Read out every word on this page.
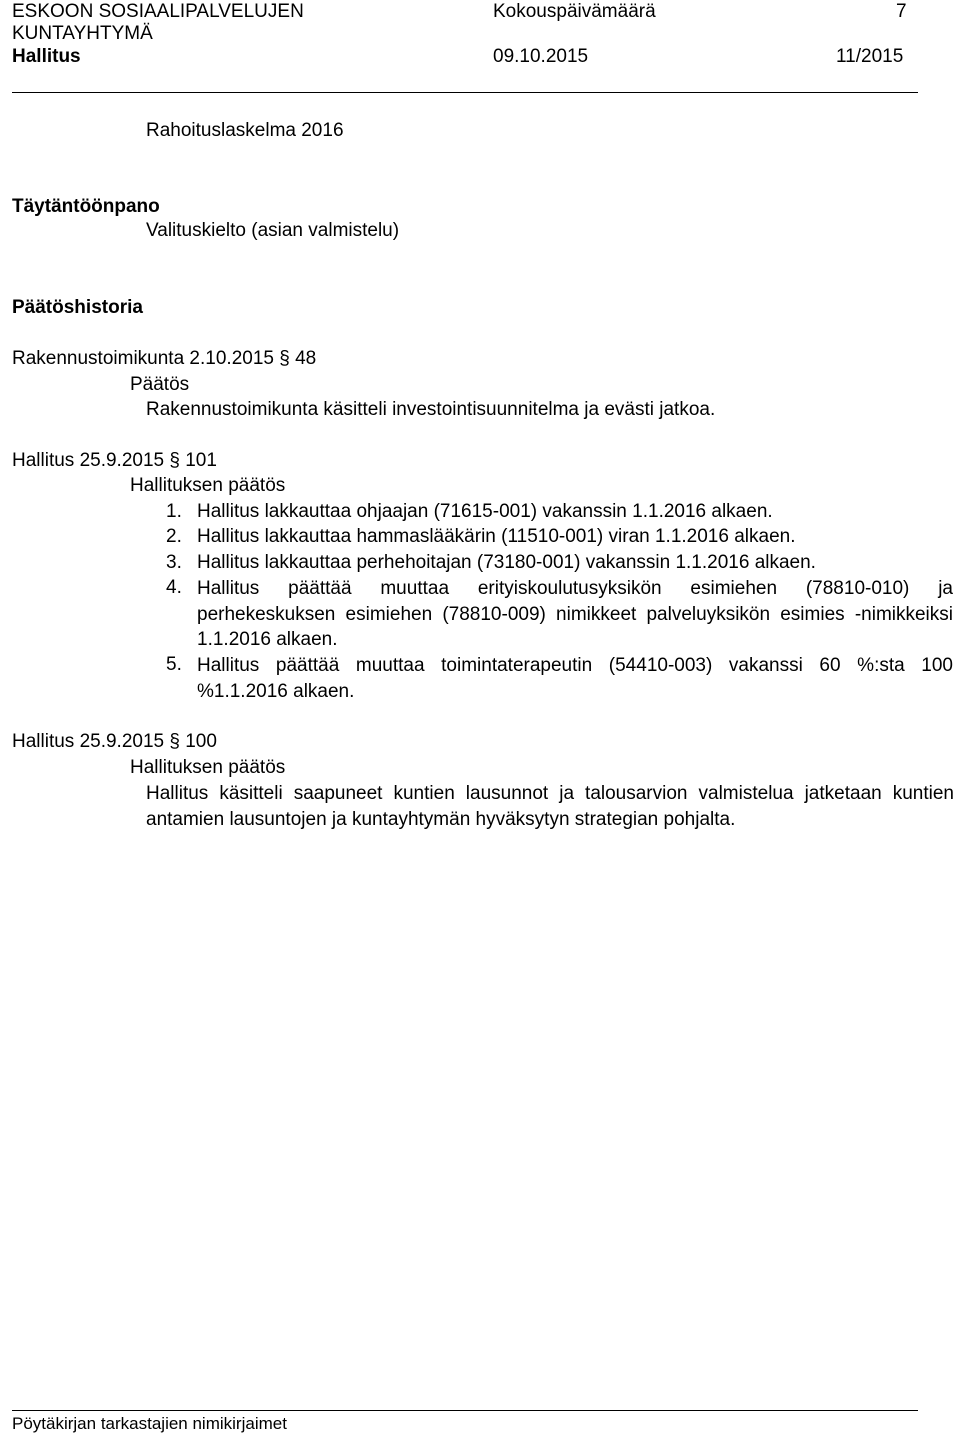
ESKOON SOSIAALIPALVELUJEN
KUNTAYHTYMÄ
Kokouspäivämäärä	7
Hallitus	09.10.2015	11/2015
Rahoituslaskelma 2016
Täytäntöönpano
Valituskielto (asian valmistelu)
Päätöshistoria
Rakennustoimikunta 2.10.2015 § 48
Päätös
Rakennustoimikunta käsitteli investointisuunnitelma ja evästi jatkoa.
Hallitus 25.9.2015 § 101
Hallituksen päätös
1. Hallitus lakkauttaa ohjaajan (71615-001) vakanssin 1.1.2016 alkaen.
2. Hallitus lakkauttaa hammaslääkärin (11510-001) viran 1.1.2016 alkaen.
3. Hallitus lakkauttaa perhehoitajan (73180-001) vakanssin 1.1.2016 alkaen.
4. Hallitus päättää muuttaa erityiskoulutusyksikön esimiehen (78810-010) ja perhekeskuksen esimiehen (78810-009) nimikkeet palveluyksikön esimies -nimikkeiksi 1.1.2016 alkaen.
5. Hallitus päättää muuttaa toimintaterapeutin (54410-003) vakanssi 60 %:sta 100 %1.1.2016 alkaen.
Hallitus 25.9.2015 § 100
Hallituksen päätös
Hallitus käsitteli saapuneet kuntien lausunnot ja talousarvion valmistelua jatketaan kuntien antamien lausuntojen ja kuntayhtymän hyväksytyn strategian pohjalta.
Pöytäkirjan tarkastajien nimikirjaimet
